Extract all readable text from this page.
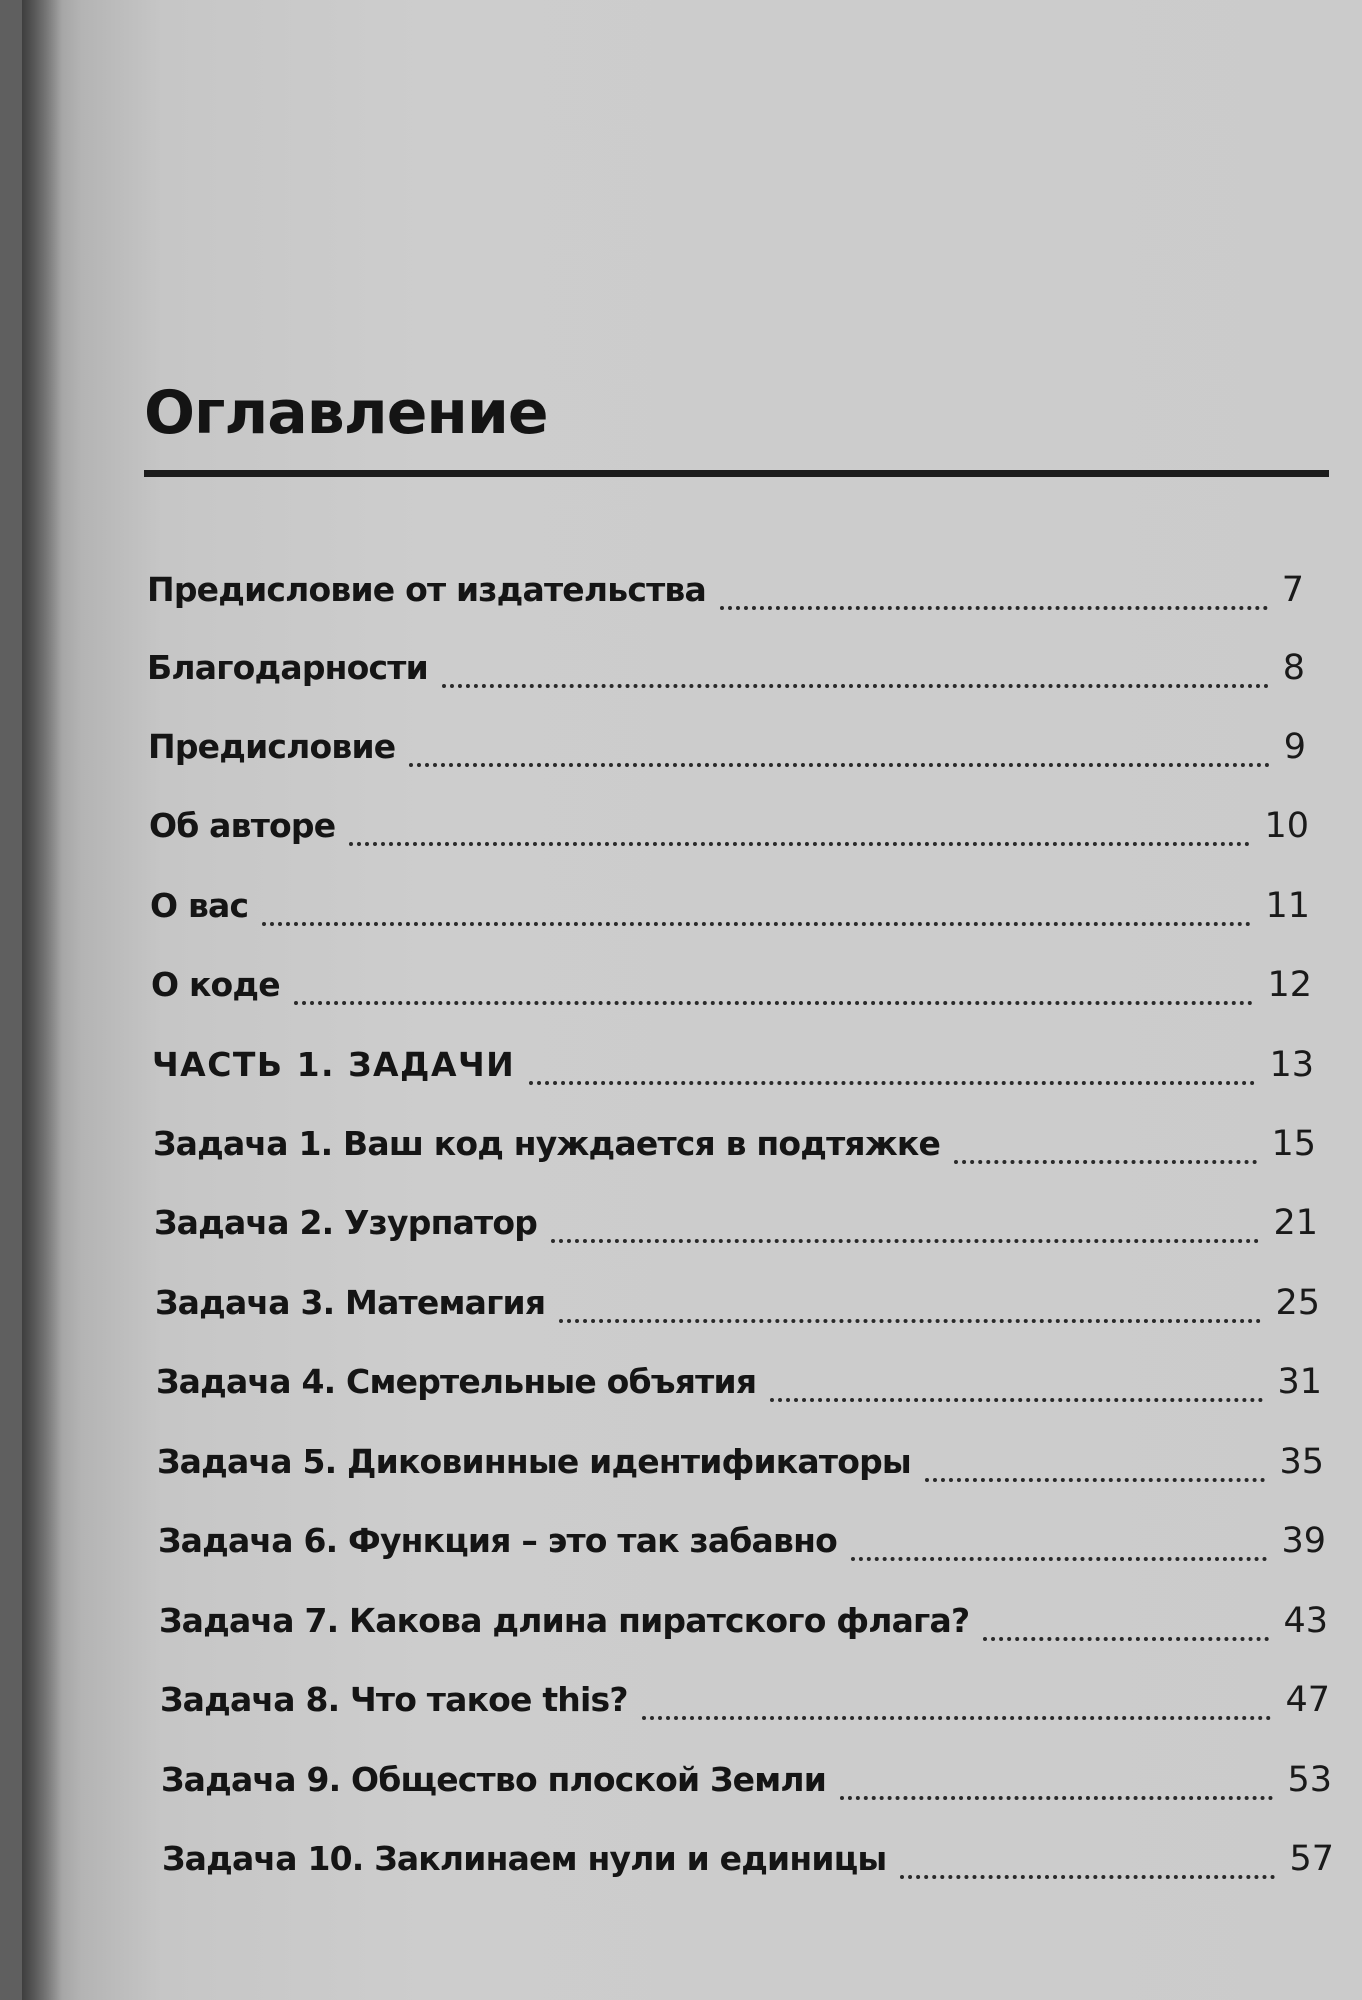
Оглавление
Предисловие от издательства	7
Благодарности	8
Предисловие	9
Об авторе	10
О вас	11
О коде	12
ЧАСТЬ 1. ЗАДАЧИ	13
Задача 1. Ваш код нуждается в подтяжке	15
Задача 2. Узурпатор	21
Задача 3. Матемагия	25
Задача 4. Смертельные объятия	31
Задача 5. Диковинные идентификаторы	35
Задача 6. Функция – это так забавно	39
Задача 7. Какова длина пиратского флага?	43
Задача 8. Что такое this?	47
Задача 9. Общество плоской Земли	53
Задача 10. Заклинаем нули и единицы	57
